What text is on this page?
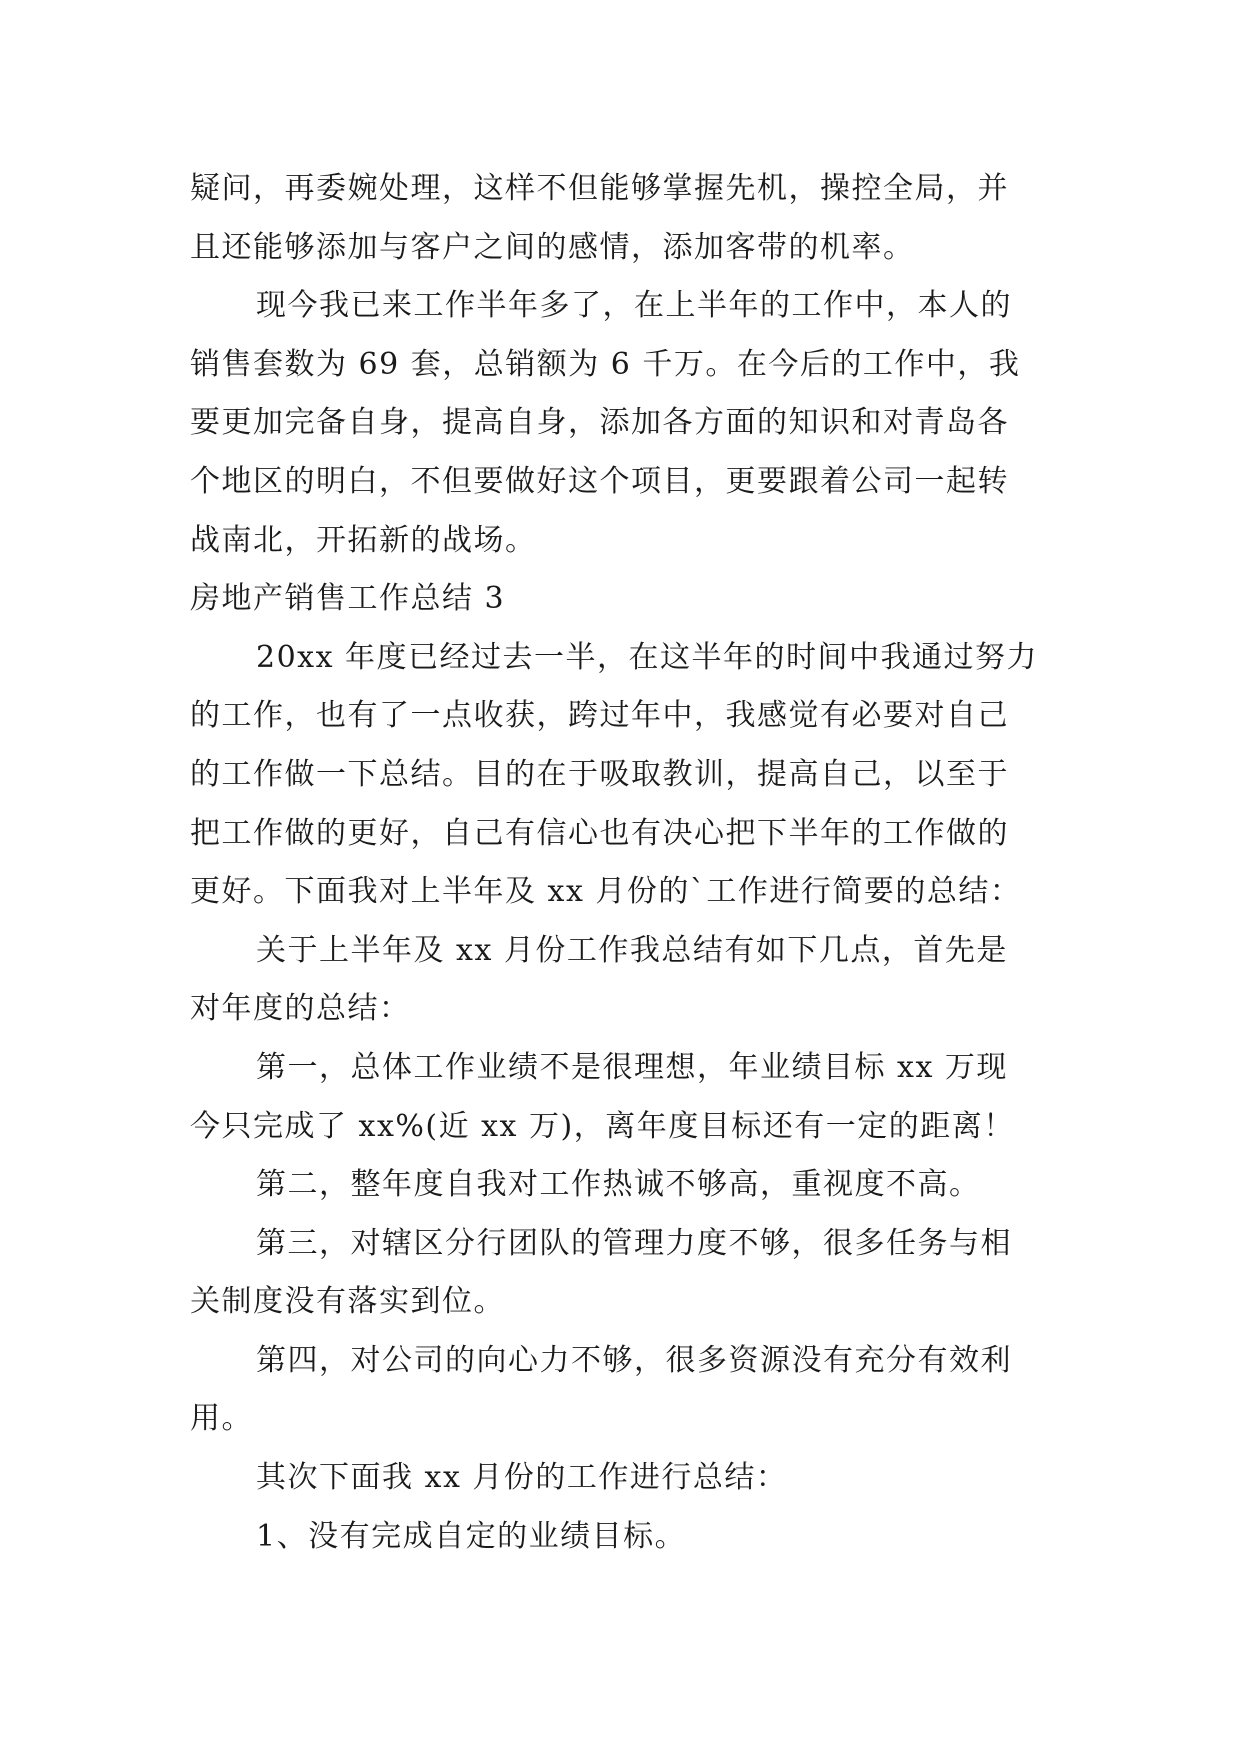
疑问，再委婉处理，这样不但能够掌握先机，操控全局，并
且还能够添加与客户之间的感情，添加客带的机率。
现今我已来工作半年多了，在上半年的工作中，本人的
销售套数为 69 套，总销额为 6 千万。在今后的工作中，我
要更加完备自身，提高自身，添加各方面的知识和对青岛各
个地区的明白，不但要做好这个项目，更要跟着公司一起转
战南北，开拓新的战场。
房地产销售工作总结 3
20xx 年度已经过去一半，在这半年的时间中我通过努力
的工作，也有了一点收获，跨过年中，我感觉有必要对自己
的工作做一下总结。目的在于吸取教训，提高自己，以至于
把工作做的更好，自己有信心也有决心把下半年的工作做的
更好。下面我对上半年及 xx 月份的`工作进行简要的总结：
关于上半年及 xx 月份工作我总结有如下几点，首先是
对年度的总结：
第一，总体工作业绩不是很理想，年业绩目标 xx 万现
今只完成了 xx%(近 xx 万)，离年度目标还有一定的距离！
第二，整年度自我对工作热诚不够高，重视度不高。
第三，对辖区分行团队的管理力度不够，很多任务与相
关制度没有落实到位。
第四，对公司的向心力不够，很多资源没有充分有效利
用。
其次下面我 xx 月份的工作进行总结：
1、没有完成自定的业绩目标。
